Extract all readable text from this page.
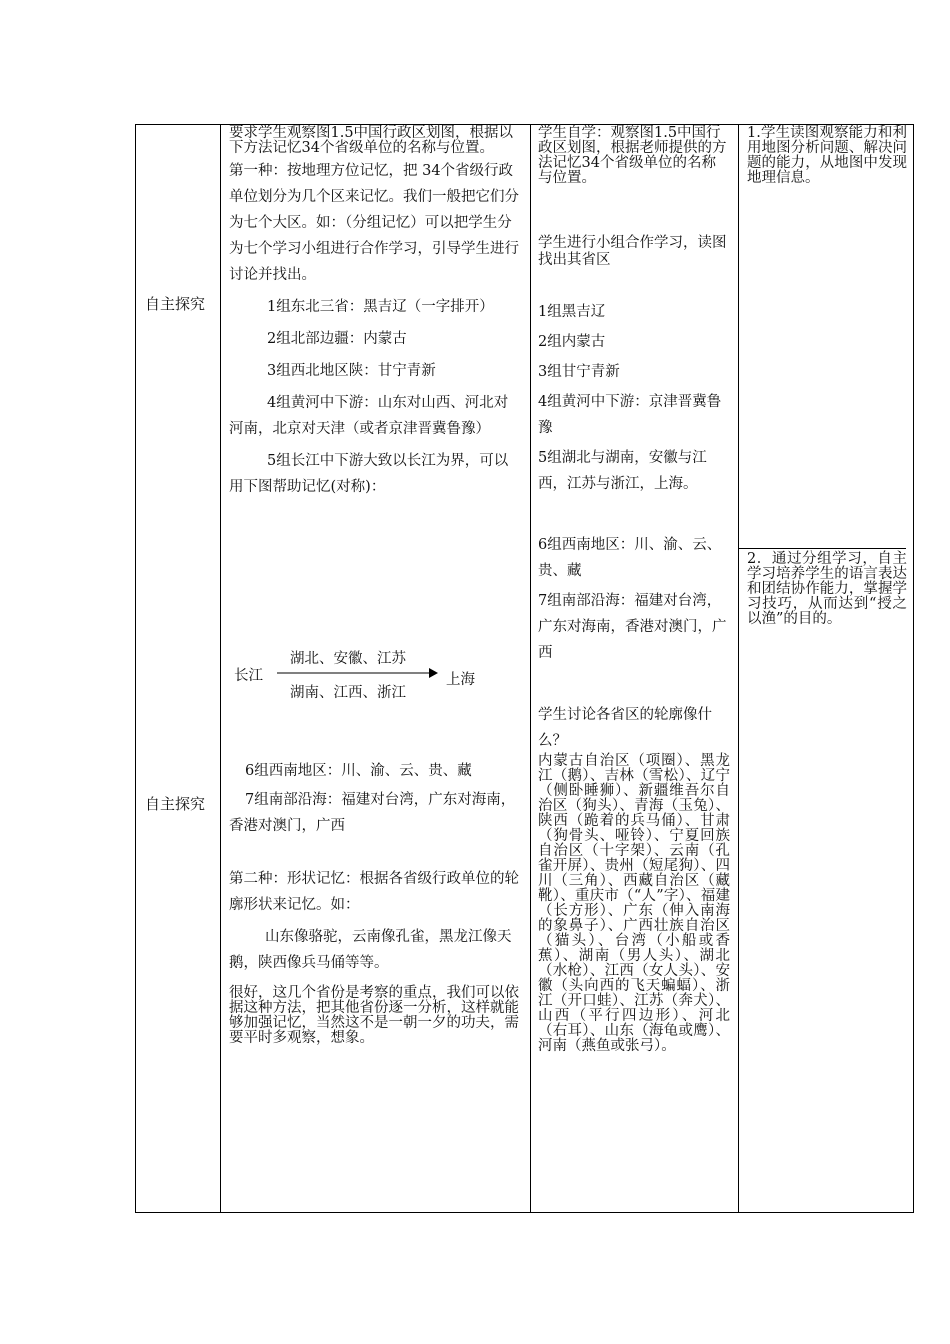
自主探究
自主探究

要求学生观察图1.5中国行政区划图，根据以下方法记忆34个省级单位的名称与位置。

第一种：按地理方位记忆，把 34个省级行政单位划分为几个区来记忆。我们一般把它们分为七个大区。如：（分组记忆）可以把学生分为七个学习小组进行合作学习，引导学生进行讨论并找出。

1组东北三省：黑吉辽（一字排开）

2组北部边疆：内蒙古

3组西北地区陕：甘宁青新

4组黄河中下游：山东对山西、河北对河南，北京对天津（或者京津晋冀鲁豫）

5组长江中下游大致以长江为界，可以用下图帮助记忆(对称)：

长江
湖北、安徽、江苏
湖南、江西、浙江
上海

6组西南地区：川、渝、云、贵、藏

7组南部沿海：福建对台湾，广东对海南，香港对澳门，广西

第二种：形状记忆：根据各省级行政单位的轮廓形状来记忆。如：

山东像骆驼，云南像孔雀，黑龙江像天鹅，陕西像兵马俑等等。

很好，这几个省份是考察的重点，我们可以依据这种方法，把其他省份逐一分析，这样就能够加强记忆，当然这不是一朝一夕的功夫，需要平时多观察，想象。

学生自学：观察图1.5中国行政区划图，根据老师提供的方法记忆34个省级单位的名称与位置。

学生进行小组合作学习，读图找出其省区

1组黑吉辽

2组内蒙古

3组甘宁青新

4组黄河中下游：京津晋冀鲁豫

5组湖北与湖南，安徽与江西，江苏与浙江，上海。

6组西南地区：川、渝、云、贵、藏

7组南部沿海：福建对台湾，广东对海南，香港对澳门，广西

学生讨论各省区的轮廓像什么？

内蒙古自治区（项圈）、黑龙江（鹅）、吉林（雪松）、辽宁（侧卧睡狮）、新疆维吾尔自治区（狗头）、青海（玉兔）、陕西（跪着的兵马俑）、甘肃（狗骨头、哑铃）、宁夏回族自治区（十字架）、云南（孔雀开屏）、贵州（短尾狗）、四川（三角）、西藏自治区（藏靴）、重庆市（“人”字）、福建（长方形）、广东（伸入南海的象鼻子）、广西壮族自治区（猫头）、台湾（小船或香蕉）、湖南（男人头）、湖北（水枪）、江西（女人头）、安徽（头向西的飞天蝙蝠）、浙江（开口蛙）、江苏（奔犬）、山西（平行四边形）、河北（右耳）、山东（海龟或鹰）、河南（燕鱼或张弓）。

1.学生读图观察能力和利用地图分析问题、解决问题的能力，从地图中发现地理信息。

2．通过分组学习，自主学习培养学生的语言表达和团结协作能力，掌握学习技巧，从而达到“授之以渔”的目的。
